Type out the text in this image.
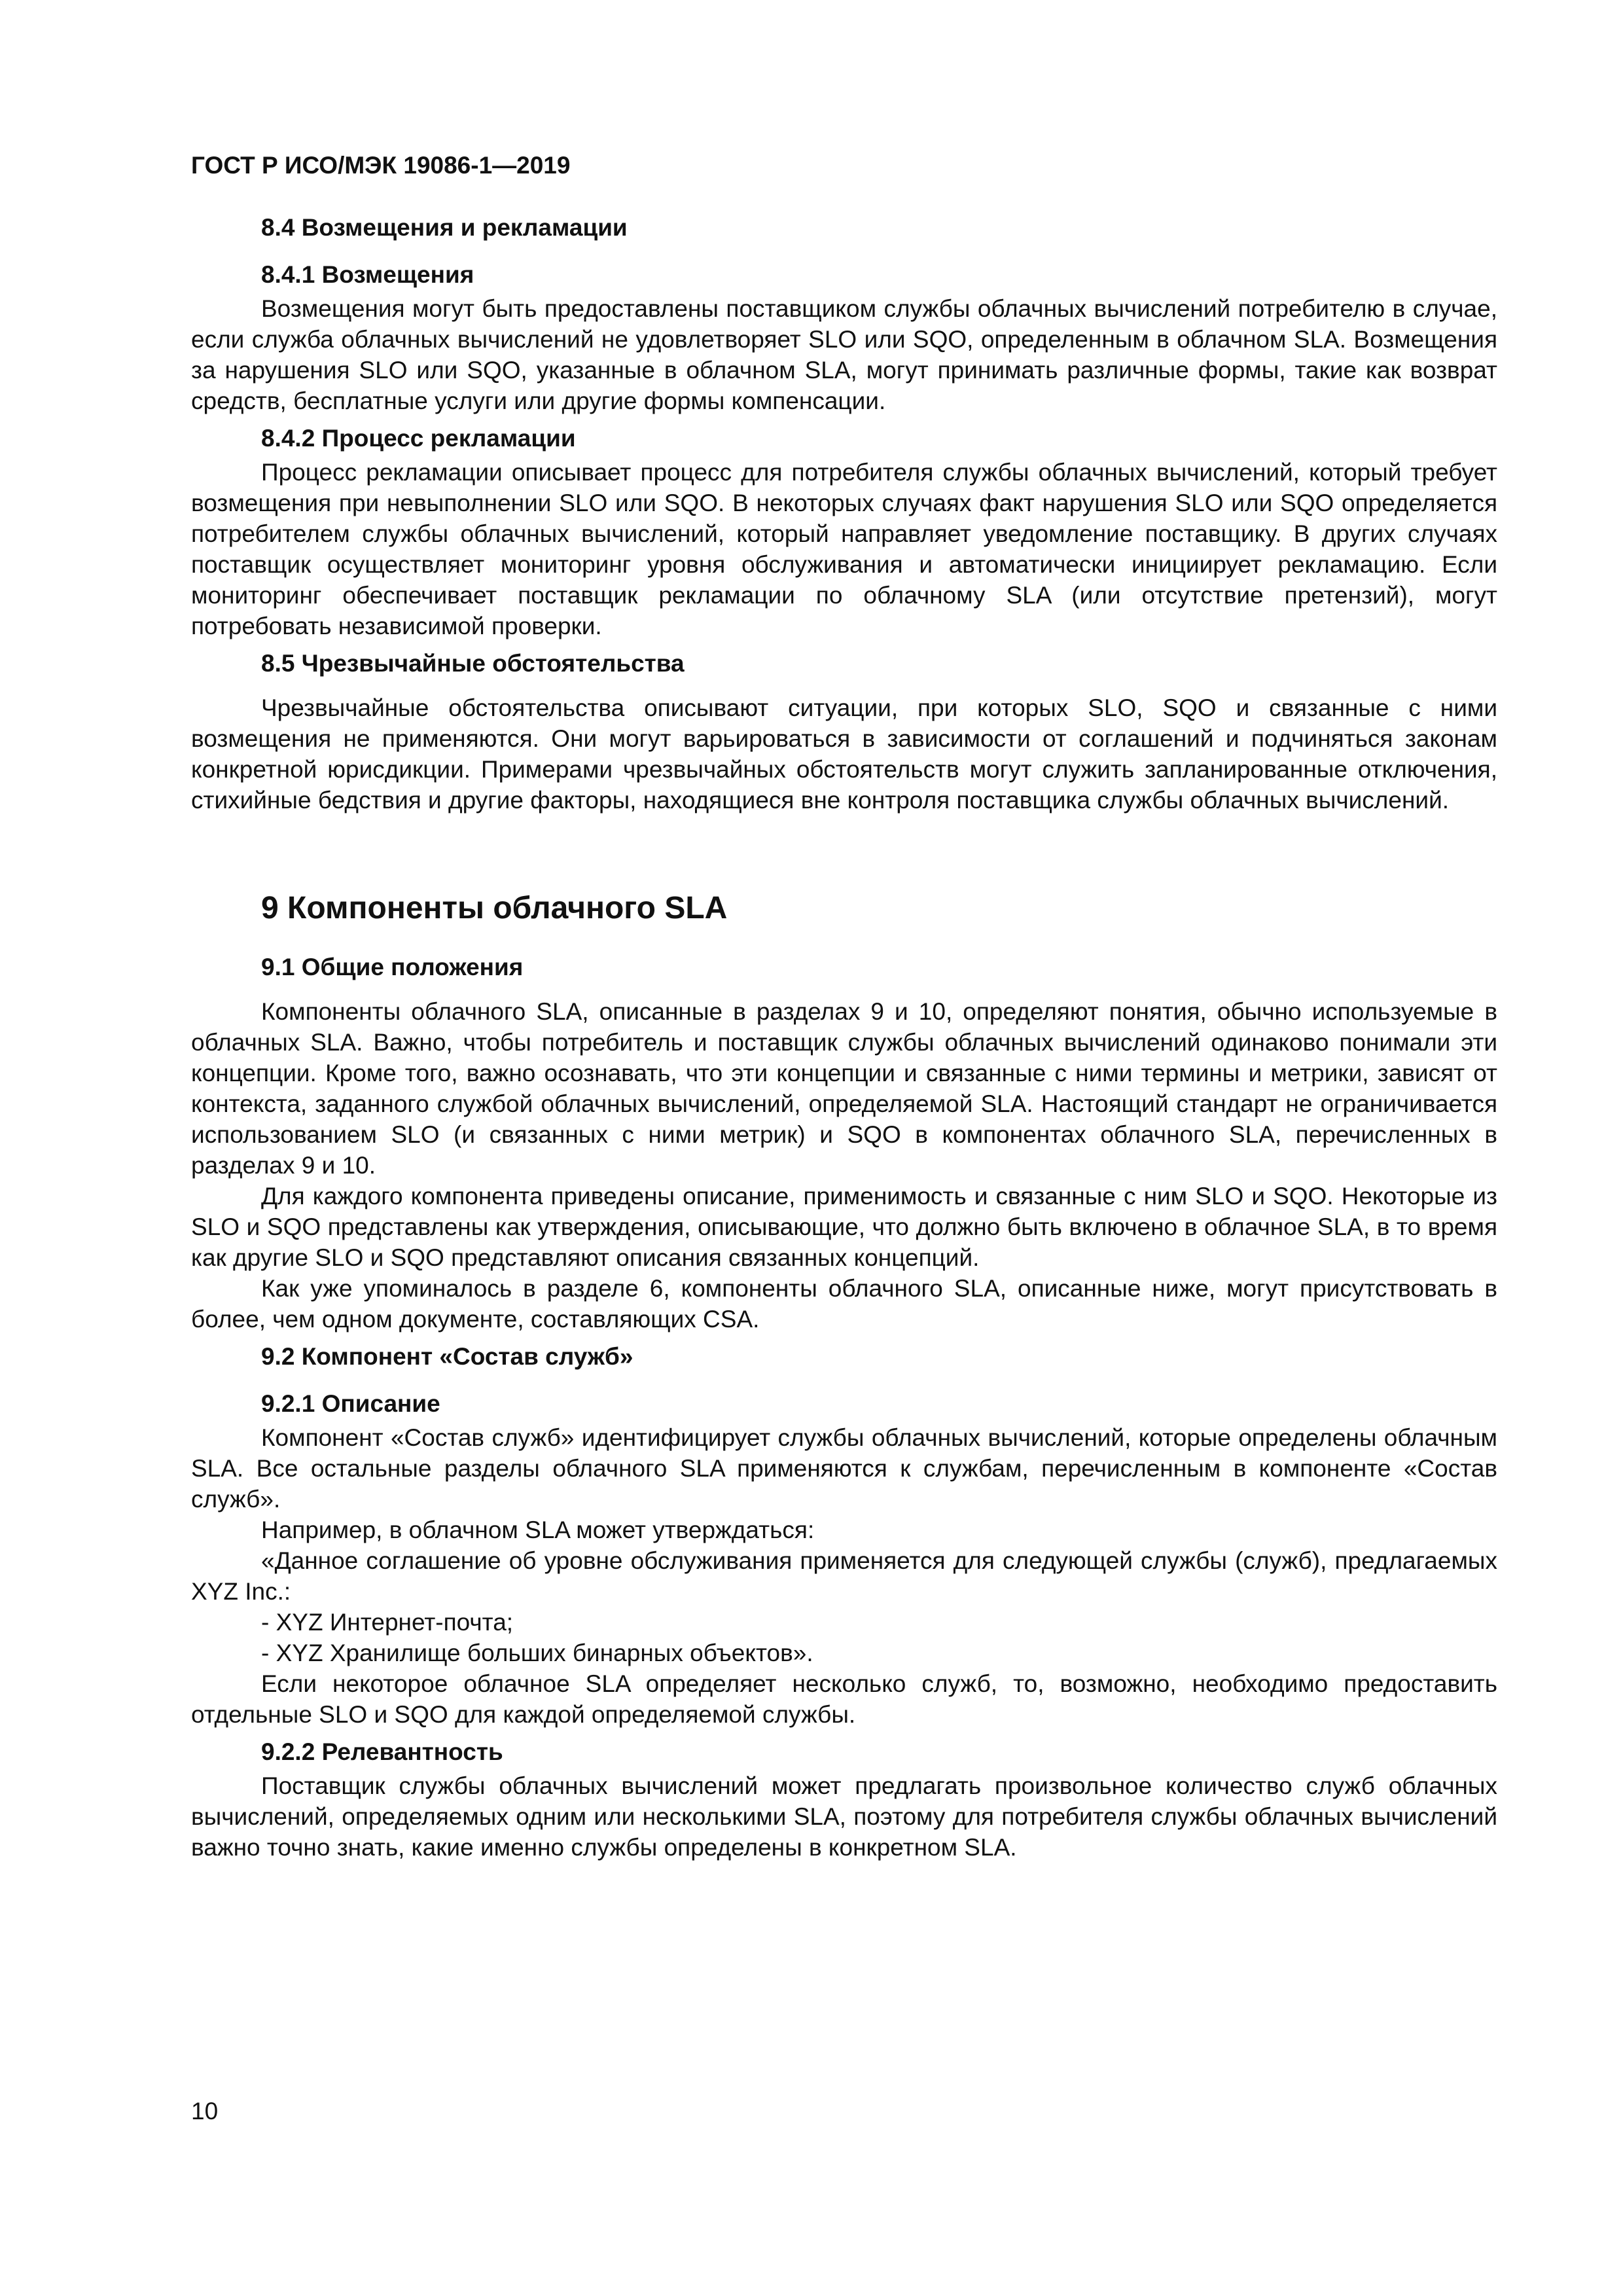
ГОСТ Р ИСО/МЭК 19086-1—2019

8.4 Возмещения и рекламации
8.4.1 Возмещения

Возмещения могут быть предоставлены поставщиком службы облачных вычислений потребителю в случае, если служба облачных вычислений не удовлетворяет SLO или SQO, определенным в облачном SLA. Возмещения за нарушения SLO или SQO, указанные в облачном SLA, могут принимать различные формы, такие как возврат средств, бесплатные услуги или другие формы компенсации.

8.4.2 Процесс рекламации

Процесс рекламации описывает процесс для потребителя службы облачных вычислений, который требует возмещения при невыполнении SLO или SQO. В некоторых случаях факт нарушения SLO или SQO определяется потребителем службы облачных вычислений, который направляет уведомление поставщику. В других случаях поставщик осуществляет мониторинг уровня обслуживания и автоматически инициирует рекламацию. Если мониторинг обеспечивает поставщик рекламации по облачному SLA (или отсутствие претензий), могут потребовать независимой проверки.

8.5 Чрезвычайные обстоятельства

Чрезвычайные обстоятельства описывают ситуации, при которых SLO, SQO и связанные с ними возмещения не применяются. Они могут варьироваться в зависимости от соглашений и подчиняться законам конкретной юрисдикции. Примерами чрезвычайных обстоятельств могут служить запланированные отключения, стихийные бедствия и другие факторы, находящиеся вне контроля поставщика службы облачных вычислений.

9 Компоненты облачного SLA
9.1 Общие положения

Компоненты облачного SLA, описанные в разделах 9 и 10, определяют понятия, обычно используемые в облачных SLA. Важно, чтобы потребитель и поставщик службы облачных вычислений одинаково понимали эти концепции. Кроме того, важно осознавать, что эти концепции и связанные с ними термины и метрики, зависят от контекста, заданного службой облачных вычислений, определяемой SLA. Настоящий стандарт не ограничивается использованием SLO (и связанных с ними метрик) и SQO в компонентах облачного SLA, перечисленных в разделах 9 и 10.

Для каждого компонента приведены описание, применимость и связанные с ним SLO и SQO. Некоторые из SLO и SQO представлены как утверждения, описывающие, что должно быть включено в облачное SLA, в то время как другие SLO и SQO представляют описания связанных концепций.

Как уже упоминалось в разделе 6, компоненты облачного SLA, описанные ниже, могут присутствовать в более, чем одном документе, составляющих CSA.

9.2 Компонент «Состав служб»
9.2.1 Описание

Компонент «Состав служб» идентифицирует службы облачных вычислений, которые определены облачным SLA. Все остальные разделы облачного SLA применяются к службам, перечисленным в компоненте «Состав служб».

Например, в облачном SLA может утверждаться:

«Данное соглашение об уровне обслуживания применяется для следующей службы (служб), предлагаемых XYZ Inc.:

- XYZ Интернет-почта;

- XYZ Хранилище больших бинарных объектов».

Если некоторое облачное SLA определяет несколько служб, то, возможно, необходимо предоставить отдельные SLO и SQO для каждой определяемой службы.

9.2.2 Релевантность

Поставщик службы облачных вычислений может предлагать произвольное количество служб облачных вычислений, определяемых одним или несколькими SLA, поэтому для потребителя службы облачных вычислений важно точно знать, какие именно службы определены в конкретном SLA.

10
